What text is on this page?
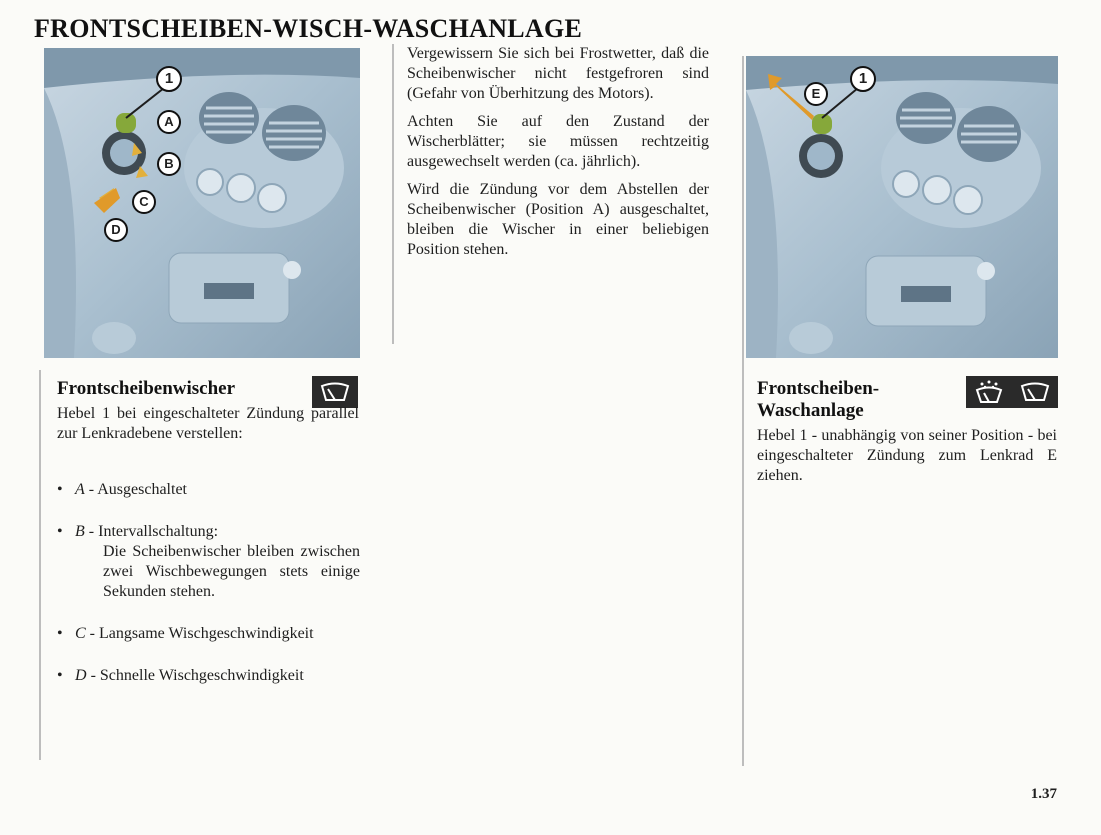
FRONTSCHEIBEN-WISCH-WASCHANLAGE
1
A
B
C
D
Frontscheibenwischer
Hebel 1 bei eingeschalteter Zündung parallel zur Lenkradebene verstellen:
• A - Ausgeschaltet
• B - Intervallschaltung:
Die Scheibenwischer bleiben zwischen zwei Wischbewegungen stets einige Sekunden stehen.
• C - Langsame Wischgeschwindigkeit
• D - Schnelle Wischgeschwindigkeit

Vergewissern Sie sich bei Frostwetter, daß die Scheibenwischer nicht festgefroren sind (Gefahr von Überhitzung des Motors).

Achten Sie auf den Zustand der Wischerblätter; sie müssen rechtzeitig ausgewechselt werden (ca. jährlich).

Wird die Zündung vor dem Abstellen der Scheibenwischer (Position A) ausgeschaltet, bleiben die Wischer in einer beliebigen Position stehen.

E
1
Frontscheiben-
Waschanlage
Hebel 1 - unabhängig von seiner Position - bei eingeschalteter Zündung zum Lenkrad E ziehen.
1.37
